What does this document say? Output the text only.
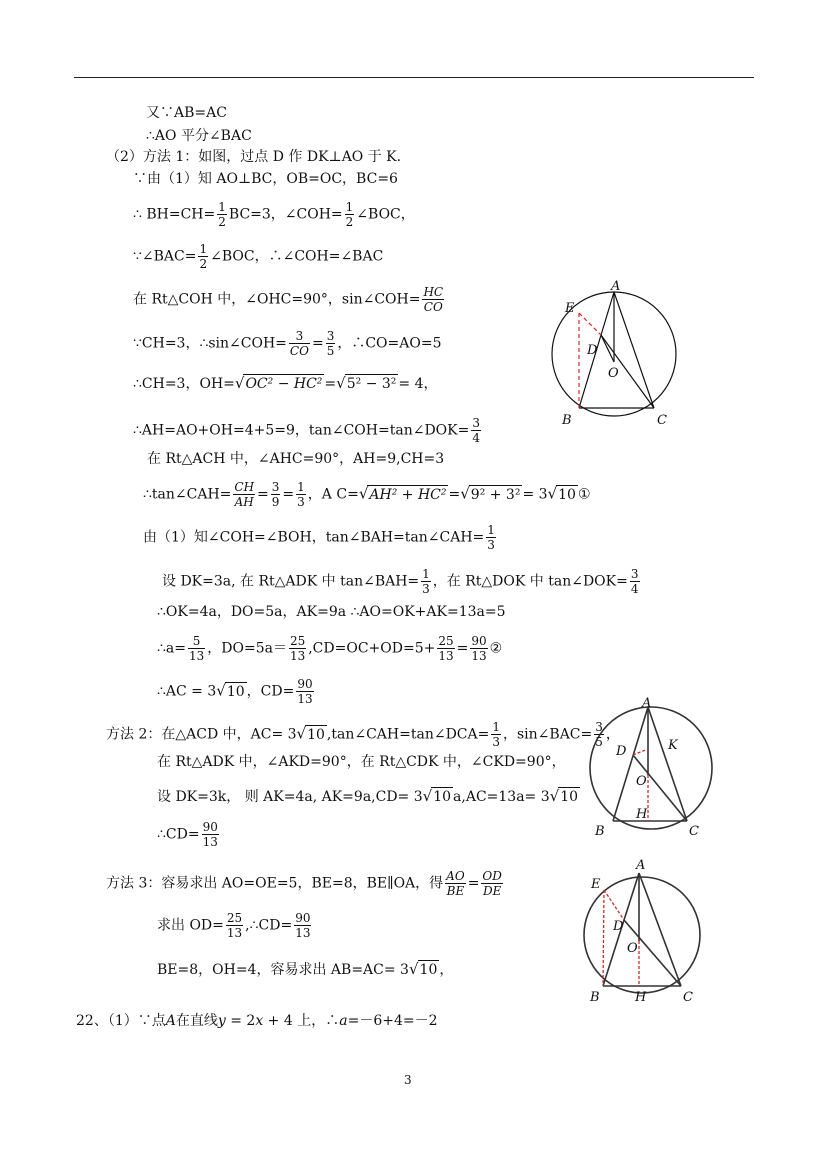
又∵AB=AC
∴AO 平分∠BAC
（2）方法 1：如图，过点 D 作 DK⊥AO 于 K.
∵由（1）知 AO⊥BC，OB=OC，BC=6
∴ $BH=CH= \frac{1}{2} BC=3$，∠COH= $\frac{1}{2}$ ∠BOC，
∵∠BAC= $\frac{1}{2}$ ∠BOC，∴∠COH=∠BAC
在 Rt△COH 中，∠OHC=90°，sin∠COH= $\frac{HC}{CO}$
∵CH=3，∴sin∠COH= $\frac{3}{CO} = \frac{3}{5}$ ，∴CO=AO=5
∴CH=3，OH=√OC² − HC² =√5² − 3² = 4，
∴AH=AO+OH=4+5=9，tan∠COH=tan∠DOK= $\frac{3}{4}$
在 Rt△ACH 中，∠AHC=90°，AH=9,CH=3
∴tan∠CAH= $\frac{CH}{AH} = \frac{3}{9} = \frac{1}{3}$ ，A C=√AH² + HC² =√9² + 3² = 3√10 ①
由（1）知∠COH=∠BOH，tan∠BAH=tan∠CAH= $\frac{1}{3}$
设 DK=3a, 在 Rt△ADK 中 tan∠BAH= $\frac{1}{3}$ ，在 Rt△DOK 中 tan∠DOK= $\frac{3}{4}$
∴OK=4a，DO=5a，AK=9a ∴AO=OK+AK=13a=5
∴a= $\frac{5}{13}$ ，$DO=5a= \frac{25}{13} ,CD=OC+OD=5+ \frac{25}{13} = \frac{90}{13}$ ②
∴AC = 3√10 ，$CD= \frac{90}{13}$
方法 2：在△ACD 中，AC= 3√10 ,tan∠CAH=tan∠DCA= $\frac{1}{3}$ ，sin∠BAC= $\frac{3}{5}$ ，
在 Rt△ADK 中，∠AKD=90°，在 Rt△CDK 中，∠CKD=90°，
设 DK=3k， 则 AK=4a, AK=9a,CD= 3√10 a,AC=13a= 3√10
∴CD= $\frac{90}{13}$
方法 3：容易求出 AO=OE=5，BE=8，BE∥OA，得 $\frac{AO}{BE} = \frac{OD}{DE}$
求出 $OD= \frac{25}{13}$ ,∴CD= $\frac{90}{13}$
BE=8，OH=4，容易求出 AB=AC= 3√10 ，
22、（1）∵点A在直线y = 2x + 4 上，∴a=－6+4=－2
3
A
E
D
O
B	C
A
D	K
O
H
B	C
A
E
D
O
B	H	C
